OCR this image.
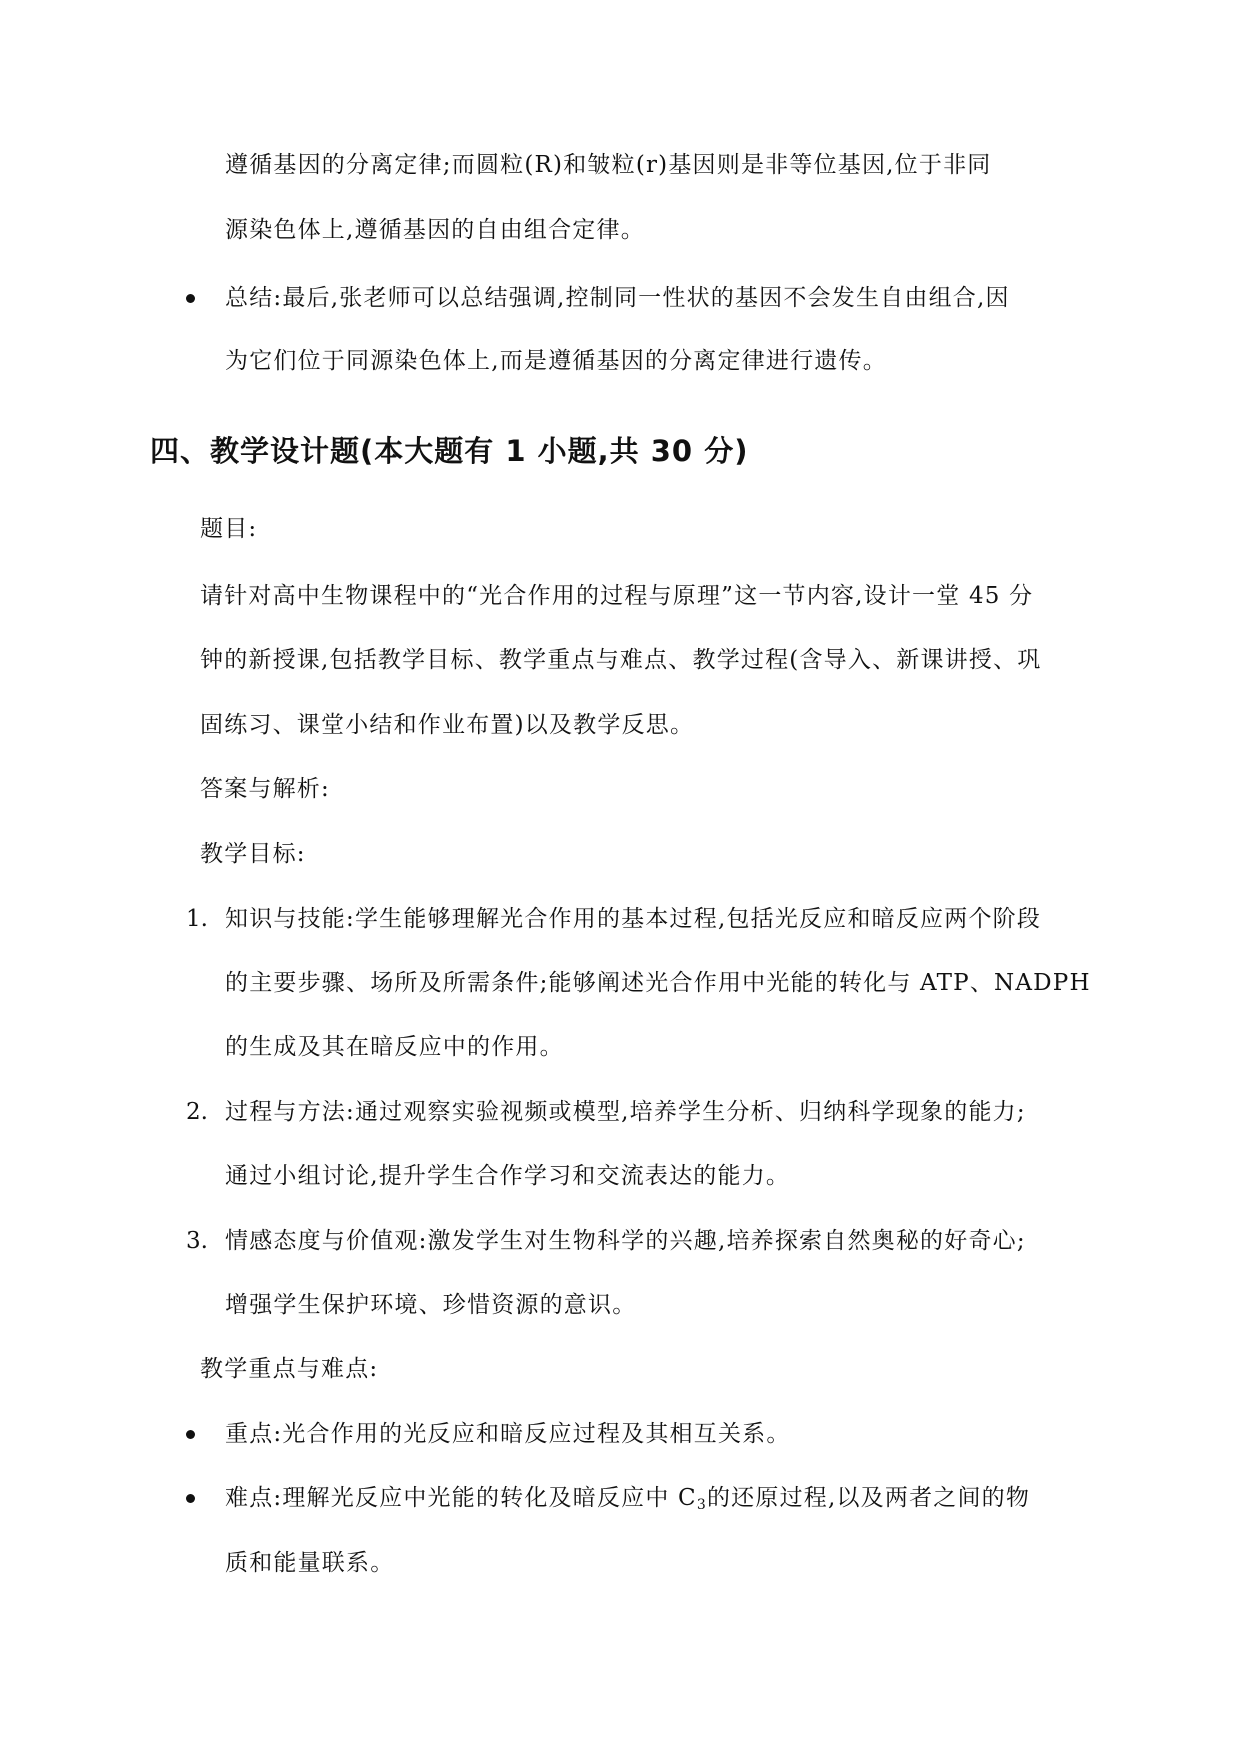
遵循基因的分离定律;而圆粒(R)和皱粒(r)基因则是非等位基因,位于非同
源染色体上,遵循基因的自由组合定律。
总结:最后,张老师可以总结强调,控制同一性状的基因不会发生自由组合,因
为它们位于同源染色体上,而是遵循基因的分离定律进行遗传。
四、教学设计题(本大题有 1 小题,共 30 分)
题目:
请针对高中生物课程中的“光合作用的过程与原理”这一节内容,设计一堂 45 分
钟的新授课,包括教学目标、教学重点与难点、教学过程(含导入、新课讲授、巩
固练习、课堂小结和作业布置)以及教学反思。
答案与解析:
教学目标:
1. 知识与技能:学生能够理解光合作用的基本过程,包括光反应和暗反应两个阶段
的主要步骤、场所及所需条件;能够阐述光合作用中光能的转化与 ATP、NADPH
的生成及其在暗反应中的作用。
2. 过程与方法:通过观察实验视频或模型,培养学生分析、归纳科学现象的能力;
通过小组讨论,提升学生合作学习和交流表达的能力。
3. 情感态度与价值观:激发学生对生物科学的兴趣,培养探索自然奥秘的好奇心;
增强学生保护环境、珍惜资源的意识。
教学重点与难点:
重点:光合作用的光反应和暗反应过程及其相互关系。
难点:理解光反应中光能的转化及暗反应中 $C_3$的还原过程,以及两者之间的物
质和能量联系。
